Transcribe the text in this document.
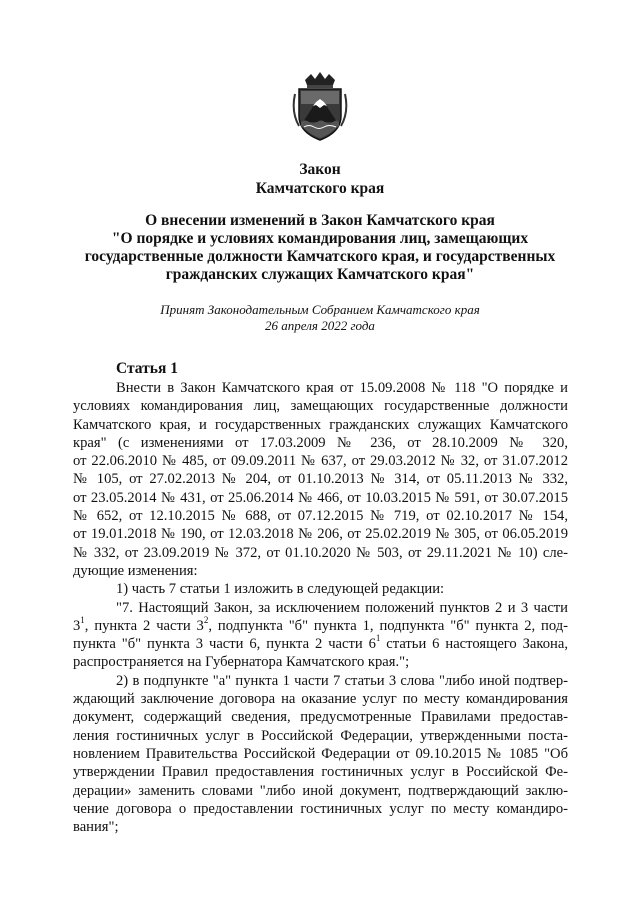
Закон
Камчатского края
О внесении изменений в Закон Камчатского края
"О порядке и условиях командирования лиц, замещающих
государственные должности Камчатского края, и государственных
гражданских служащих Камчатского края"
Принят Законодательным Собранием Камчатского края
26 апреля 2022 года
Статья 1
Внести в Закон Камчатского края от 15.09.2008 № 118 "О порядке и
условиях командирования лиц, замещающих государственные должности
Камчатского края, и государственных гражданских служащих Камчатского
края" (с изменениями от 17.03.2009 № 236, от 28.10.2009 № 320,
от 22.06.2010 № 485, от 09.09.2011 № 637, от 29.03.2012 № 32, от 31.07.2012
№ 105, от 27.02.2013 № 204, от 01.10.2013 № 314, от 05.11.2013 № 332,
от 23.05.2014 № 431, от 25.06.2014 № 466, от 10.03.2015 № 591, от 30.07.2015
№ 652, от 12.10.2015 № 688, от 07.12.2015 № 719, от 02.10.2017 № 154,
от 19.01.2018 № 190, от 12.03.2018 № 206, от 25.02.2019 № 305, от 06.05.2019
№ 332, от 23.09.2019 № 372, от 01.10.2020 № 503, от 29.11.2021 № 10) сле-
дующие изменения:
1) часть 7 статьи 1 изложить в следующей редакции:
"7. Настоящий Закон, за исключением положений пунктов 2 и 3 части
$3^1$, пункта 2 части $3^2$, подпункта "б" пункта 1, подпункта "б" пункта 2, под-
пункта "б" пункта 3 части 6, пункта 2 части $6^1$ статьи 6 настоящего Закона,
распространяется на Губернатора Камчатского края.";
2) в подпункте "а" пункта 1 части 7 статьи 3 слова "либо иной подтвер-
ждающий заключение договора на оказание услуг по месту командирования
документ, содержащий сведения, предусмотренные Правилами предостав-
ления гостиничных услуг в Российской Федерации, утвержденными поста-
новлением Правительства Российской Федерации от 09.10.2015 № 1085 "Об
утверждении Правил предоставления гостиничных услуг в Российской Фе-
дерации» заменить словами "либо иной документ, подтверждающий заклю-
чение договора о предоставлении гостиничных услуг по месту командиро-
вания";
